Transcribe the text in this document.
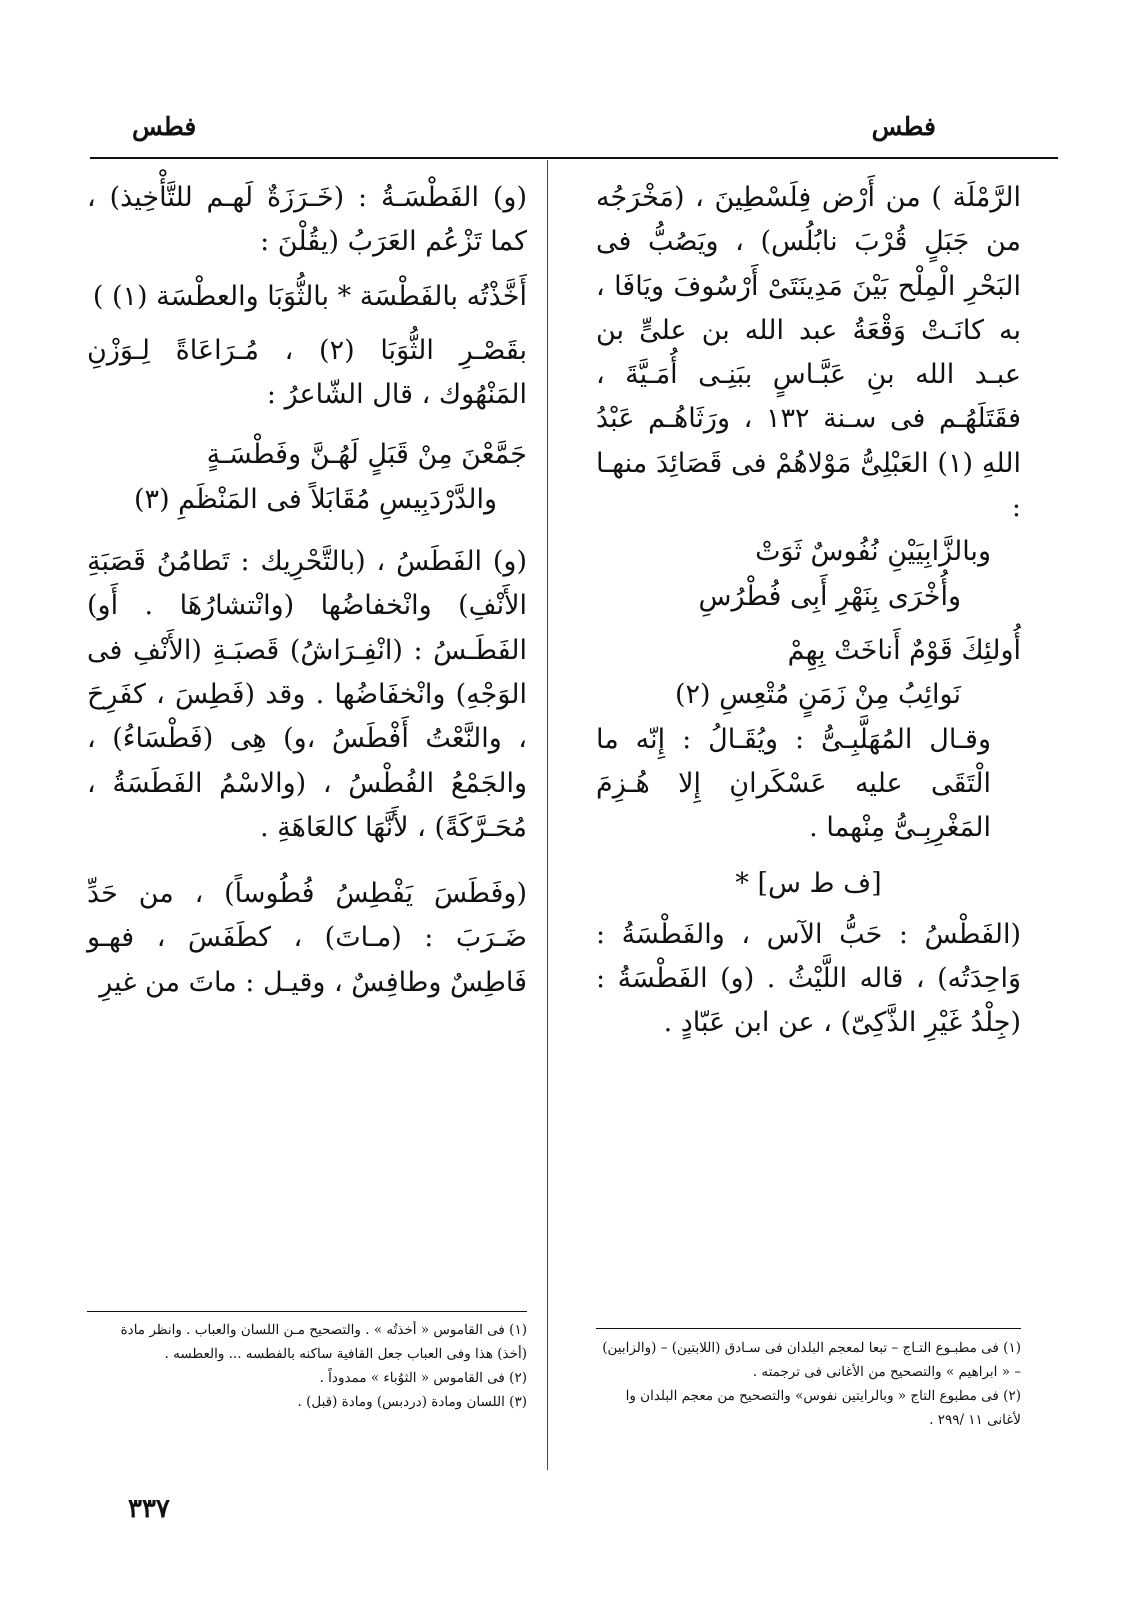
فطس
فطس

الرَّمْلَة ) من أَرْض فِلَسْطِينَ ، (مَخْرَجُه من جَبَلٍ قُرْبَ نابُلُس) ، ويَصُبُّ فى البَحْرِ الْمِلْح بَيْنَ مَدِينَتَىْ أَرْسُوفَ ويَافَا ، به كانَـتْ وَقْعَةُ عبد الله بن علىٍّ بن عبـد الله بنِ عَبَّـاسٍ ببَنِـى أُمَـيَّةَ ، فقَتَلَهُـم فى سـنة ١٣٢ ، ورَثَاهُـم عَبْدُ اللهِ (١) العَبْلِىُّ مَوْلاهُمْ فى قَصَائِدَ منهـا :

وبالزَّابِيَيْنِ نُفُوسٌ ثَوَتْ
وأُخْرَى بِنَهْرِ أَبِى فُطْرُسِ
أُولئِكَ قَوْمٌ أَناخَتْ بِهِمْ
نَوائِبُ مِنْ زَمَنٍ مُتْعِسِ (٢)

وقـال المُهَلَّبِـىُّ : ويُقَـالُ : إِنّه ما الْتَقَى عليه عَسْكَرانِ إِلا هُـزِمَ المَغْرِبِـىُّ مِنْهما .

[ف ط س] *

(الفَطْسُ : حَبُّ الآس ، والفَطْسَةُ : وَاحِدَتُه) ، قاله اللَّيْثُ . (و) الفَطْسَةُ : (جِلْدُ غَيْرِ الذَّكِىّ) ، عن ابن عَبّادٍ .

(و) الفَطْسَـةُ : (خَـرَزَةٌ لَهـم للتَّأْخِيذ) ، كما تَزْعُم العَرَبُ (يقُلْنَ :

أَخَّذْتُه بالفَطْسَة * بالثُّوَبَا والعطْسَة (١) )

بقَصْـرِ الثُّوَبَا (٢) ، مُـرَاعَاةً لِـوَزْنِ المَنْهُوك ، قال الشّاعرُ :

جَمَّعْنَ مِنْ قَبَلٍ لَهُـنَّ وفَطْسَـةٍ
والدَّرْدَبِيسِ مُقَابَلاً فى المَنْظَمِ (٣)

(و) الفَطَسُ ، (بالتَّحْرِيك : تَطامُنُ قَصَبَةِ الأَنْفِ) وانْخفاضُها (وانْتشارُهَا . أَو) الفَطَـسُ : (انْفِـرَاشُ) قَصبَـةِ (الأَنْفِ فى الوَجْهِ) وانْخفَاضُها . وقد (فَطِسَ ، كفَرِحَ ، والنَّعْتُ أَفْطَسُ ،و) هِى (فَطْسَاءُ) ، والجَمْعُ الفُطْسُ ، (والاسْمُ الفَطَسَةُ ، مُحَـرَّكَةً) ، لأَنَّهَا كالعَاهَةِ .

(وفَطَسَ يَفْطِسُ فُطُوساً) ، من حَدِّ ضَـرَبَ : (مـاتَ) ، كطَفَسَ ، فهـو فَاطِسٌ وطافِسٌ ، وقيـل : ماتَ من غيرِ

(١) فى مطبـوع التـاج – تبعا لمعجم البلدان فى سـادق (اللابتين) – (والزابين) – « ابراهيم » والتصحيح من الأغانى فى ترجمته .

(٢) فى مطبوع التاج « وبالرايتين نفوس» والتصحيح من معجم البلدان وا لأغانى ١١ /٢٩٩ .

(١) فى القاموس « أخذتُه » . والتصحيح مـن اللسان والعباب . وانظر مادة (أخذ) هذا وفى العباب جعل القافية ساكنه بالفطسه ... والعطسه .

(٢) فى القاموس « الثوُباء » ممدوداً .

(٣) اللسان ومادة (دردبس) ومادة (قبل) .

٣٣٧
